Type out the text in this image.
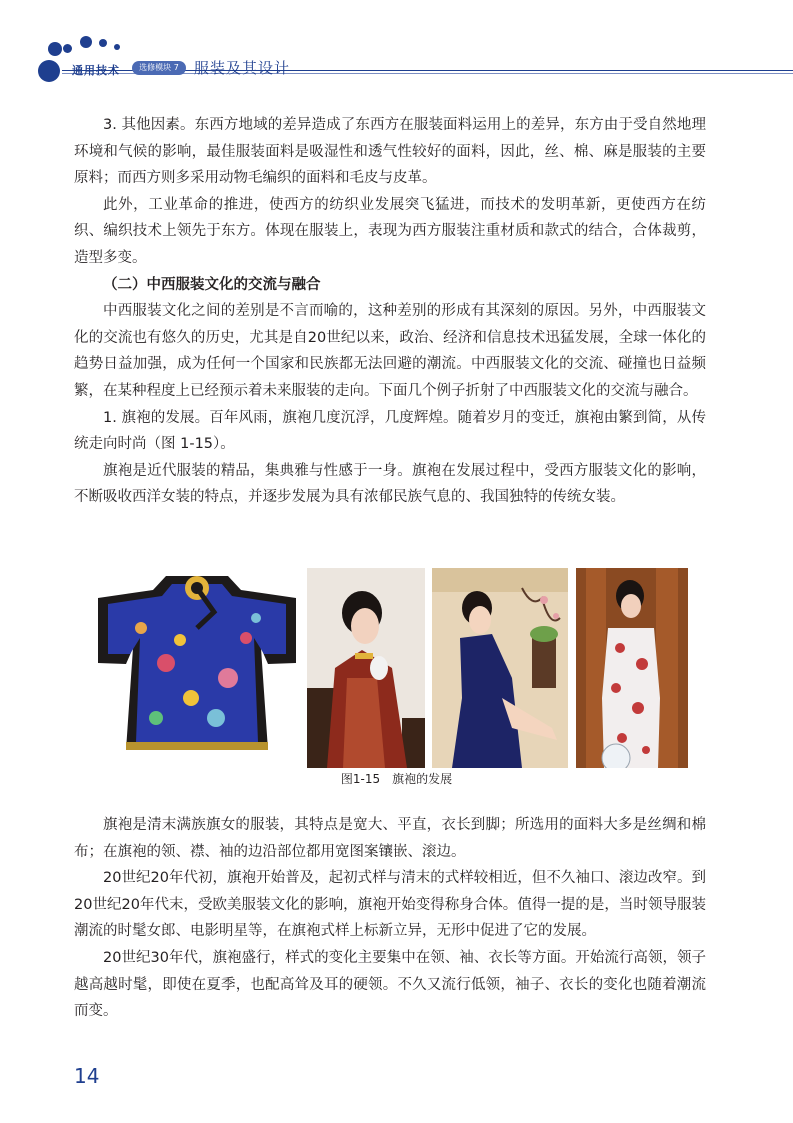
通用技术	选修模块 7	服装及其设计

3. 其他因素。东西方地域的差异造成了东西方在服装面料运用上的差异，东方由于受自然地理环境和气候的影响，最佳服装面料是吸湿性和透气性较好的面料，因此，丝、棉、麻是服装的主要原料；而西方则多采用动物毛编织的面料和毛皮与皮革。

此外，工业革命的推进，使西方的纺织业发展突飞猛进，而技术的发明革新，更使西方在纺织、编织技术上领先于东方。体现在服装上，表现为西方服装注重材质和款式的结合，合体裁剪，造型多变。

（二）中西服装文化的交流与融合

中西服装文化之间的差别是不言而喻的，这种差别的形成有其深刻的原因。另外，中西服装文化的交流也有悠久的历史，尤其是自20世纪以来，政治、经济和信息技术迅猛发展，全球一体化的趋势日益加强，成为任何一个国家和民族都无法回避的潮流。中西服装文化的交流、碰撞也日益频繁，在某种程度上已经预示着未来服装的走向。下面几个例子折射了中西服装文化的交流与融合。

1. 旗袍的发展。百年风雨，旗袍几度沉浮，几度辉煌。随着岁月的变迁，旗袍由繁到简，从传统走向时尚（图 1-15）。

旗袍是近代服装的精品，集典雅与性感于一身。旗袍在发展过程中，受西方服装文化的影响，不断吸收西洋女装的特点，并逐步发展为具有浓郁民族气息的、我国独特的传统女装。

图1-15　旗袍的发展

旗袍是清末满族旗女的服装，其特点是宽大、平直，衣长到脚；所选用的面料大多是丝绸和棉布；在旗袍的领、襟、袖的边沿部位都用宽图案镶嵌、滚边。

20世纪20年代初，旗袍开始普及，起初式样与清末的式样较相近，但不久袖口、滚边改窄。到20世纪20年代末，受欧美服装文化的影响，旗袍开始变得称身合体。值得一提的是，当时领导服装潮流的时髦女郎、电影明星等，在旗袍式样上标新立异，无形中促进了它的发展。

20世纪30年代，旗袍盛行，样式的变化主要集中在领、袖、衣长等方面。开始流行高领，领子越高越时髦，即使在夏季，也配高耸及耳的硬领。不久又流行低领，袖子、衣长的变化也随着潮流而变。

14
